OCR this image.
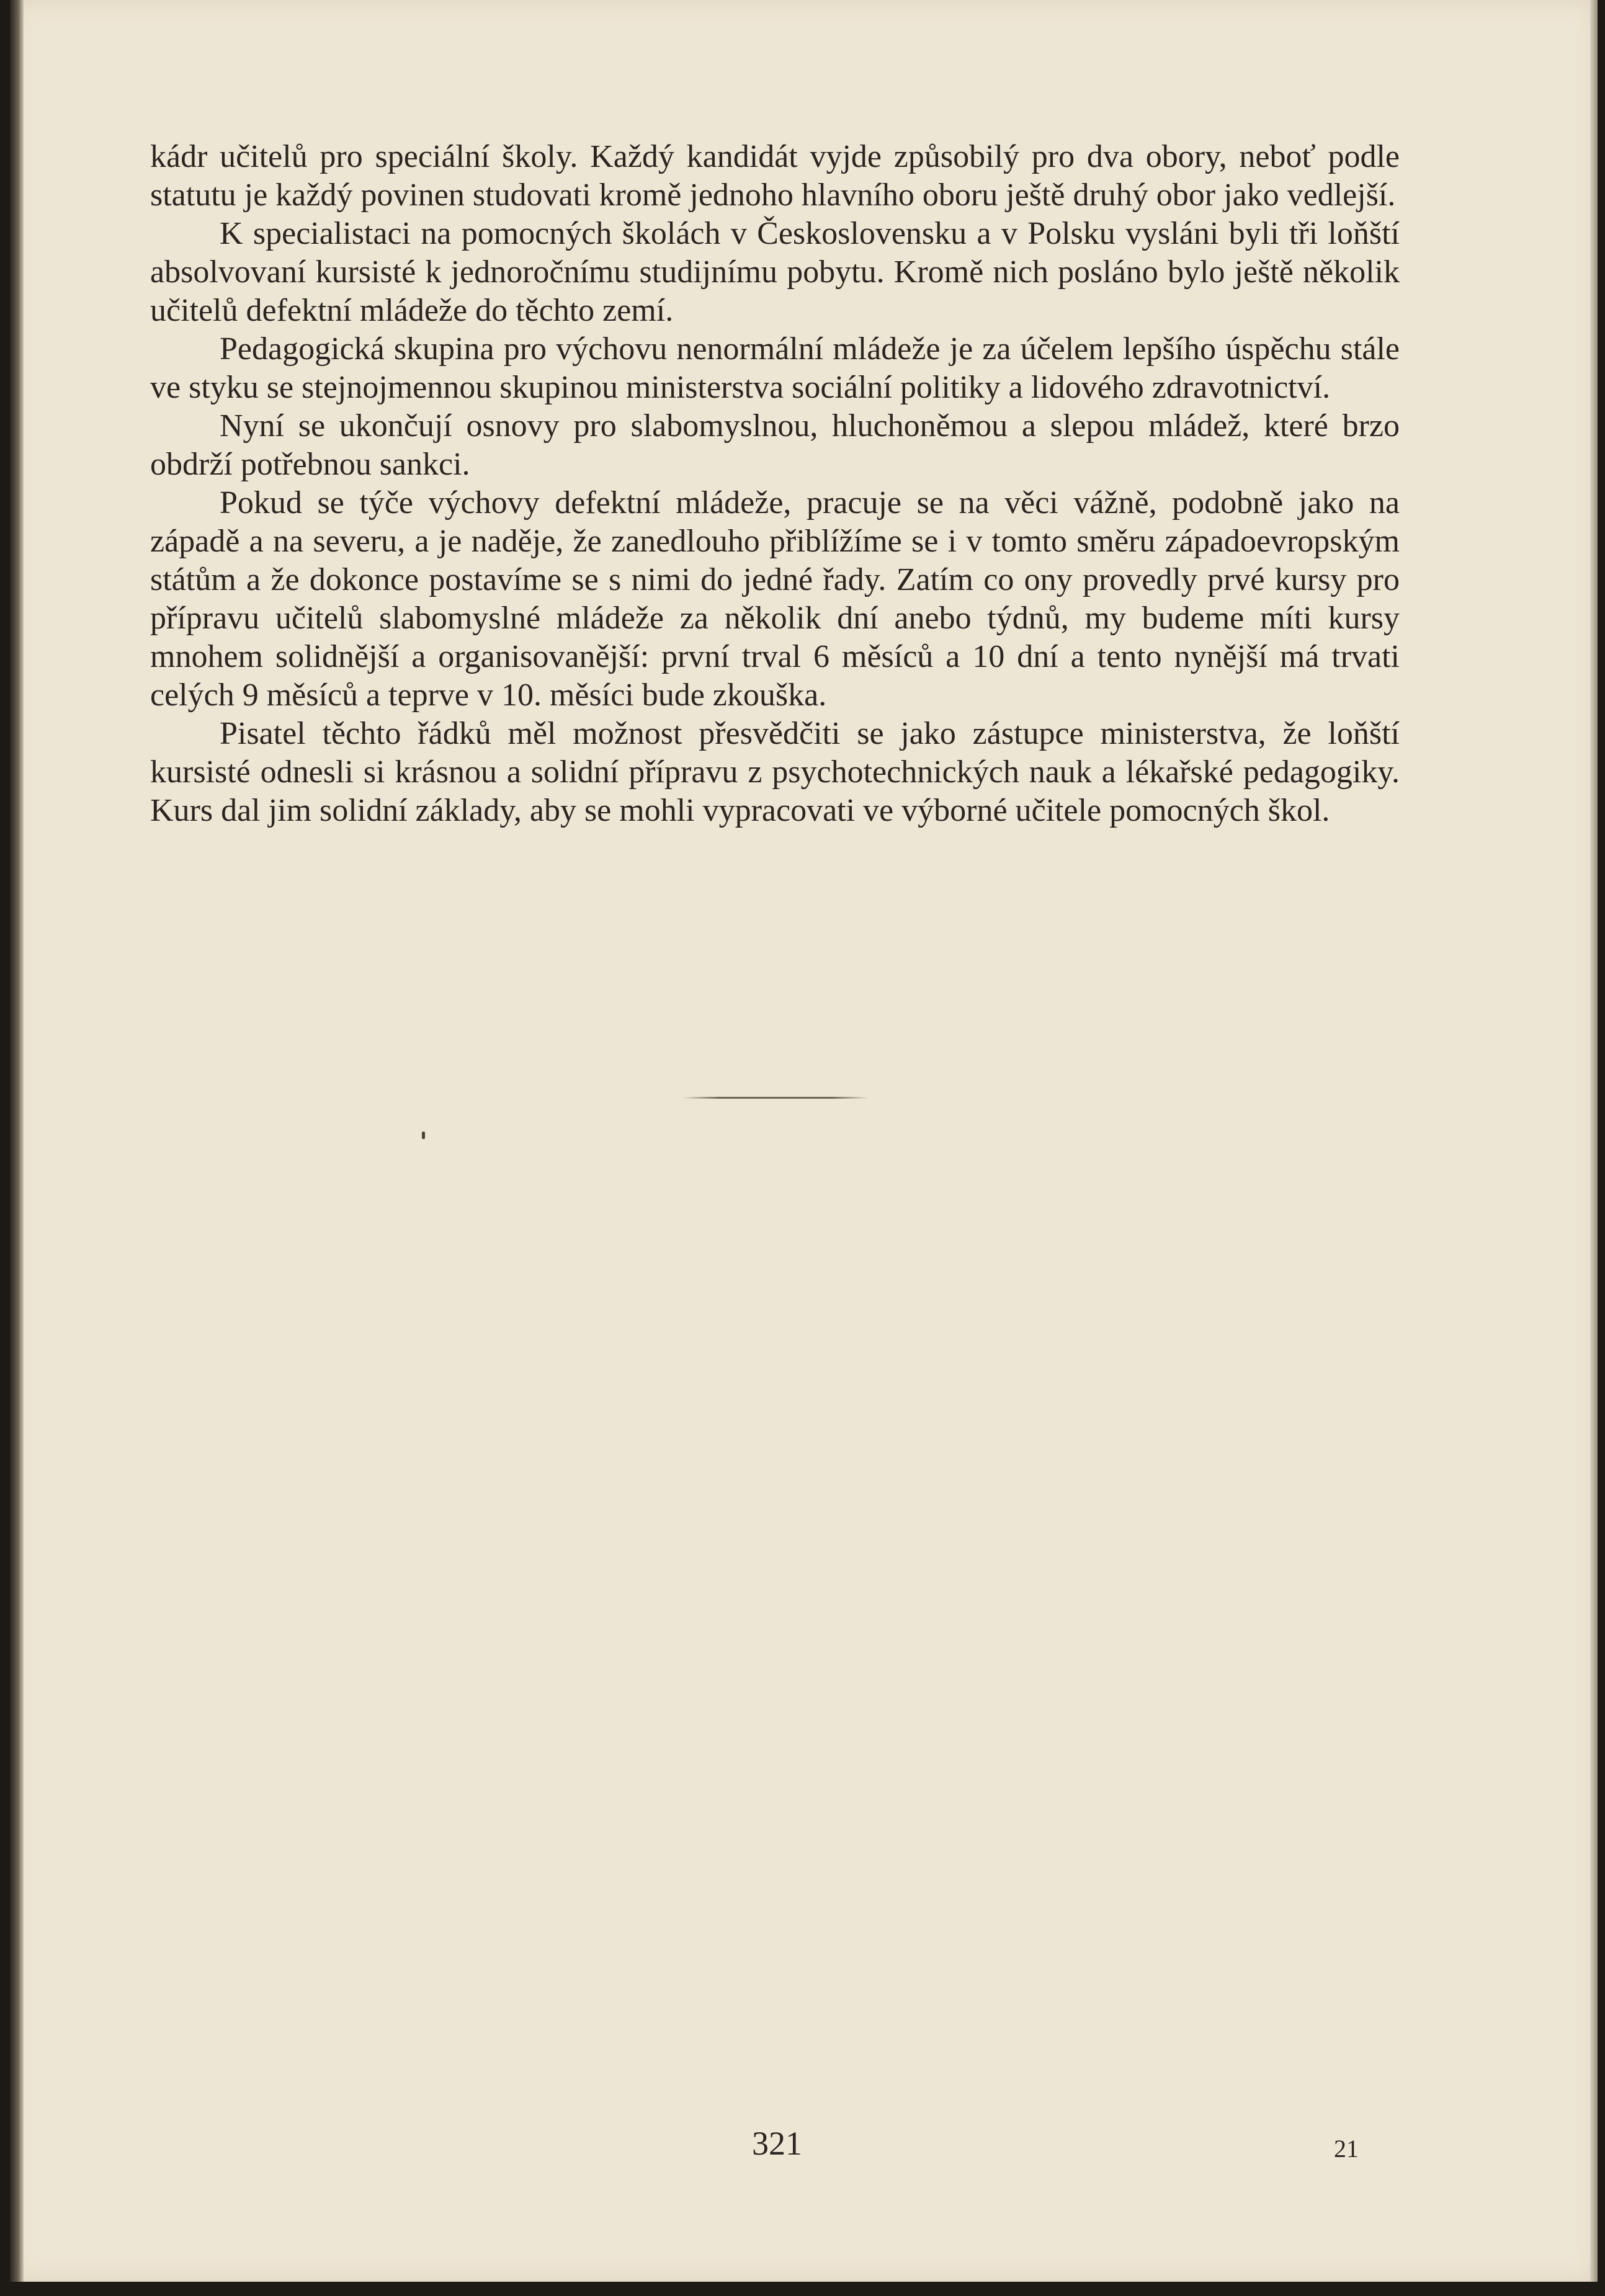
kádr učitelů pro speciální školy. Každý kandidát vyjde způsobilý pro dva obory, neboť podle statutu je každý povinen studovati kromě jednoho hlavního oboru ještě druhý obor jako vedlejší.

K specialistaci na pomocných školách v Československu a v Polsku vysláni byli tři loňští absolvovaní kursisté k jednoročnímu studijnímu pobytu. Kromě nich posláno bylo ještě několik učitelů defektní mládeže do těchto zemí.

Pedagogická skupina pro výchovu nenormální mládeže je za účelem lepšího úspěchu stále ve styku se stejnojmennou skupinou ministerstva sociální politiky a lidového zdravotnictví.

Nyní se ukončují osnovy pro slabomyslnou, hluchoněmou a slepou mládež, které brzo obdrží potřebnou sankci.

Pokud se týče výchovy defektní mládeže, pracuje se na věci vážně, podobně jako na západě a na severu, a je naděje, že zanedlouho přiblížíme se i v tomto směru západoevropským státům a že dokonce postavíme se s nimi do jedné řady. Zatím co ony provedly prvé kursy pro přípravu učitelů slabomyslné mládeže za několik dní anebo týdnů, my budeme míti kursy mnohem solidnější a organisovanější: první trval 6 měsíců a 10 dní a tento nynější má trvati celých 9 měsíců a teprve v 10. měsíci bude zkouška.

Pisatel těchto řádků měl možnost přesvědčiti se jako zástupce ministerstva, že loňští kursisté odnesli si krásnou a solidní přípravu z psychotechnických nauk a lékařské pedagogiky. Kurs dal jim solidní základy, aby se mohli vypracovati ve výborné učitele pomocných škol.

321	21
